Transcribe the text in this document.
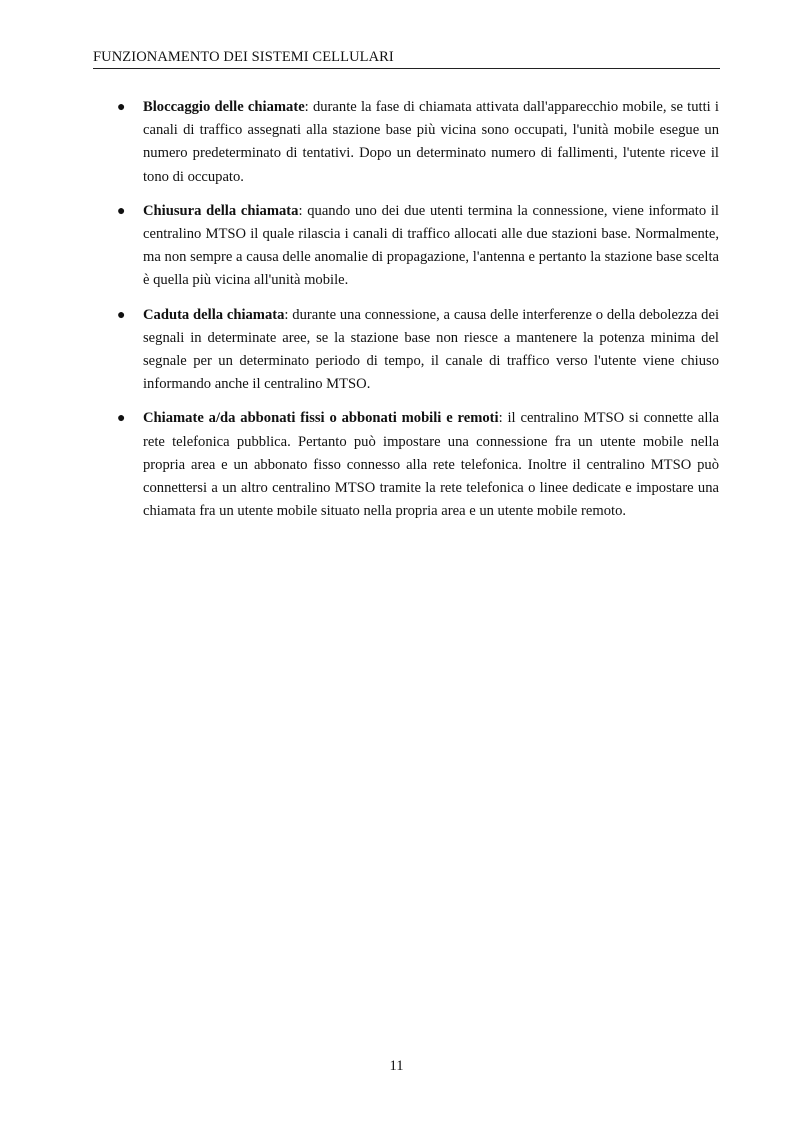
FUNZIONAMENTO DEI SISTEMI CELLULARI
● Bloccaggio delle chiamate: durante la fase di chiamata attivata dall'apparecchio mobile, se tutti i canali di traffico assegnati alla stazione base più vicina sono occupati, l'unità mobile esegue un numero predeterminato di tentativi. Dopo un determinato numero di fallimenti, l'utente riceve il tono di occupato.
● Chiusura della chiamata: quando uno dei due utenti termina la connessione, viene informato il centralino MTSO il quale rilascia i canali di traffico allocati alle due stazioni base. Normalmente, ma non sempre a causa delle anomalie di propagazione, l'antenna e pertanto la stazione base scelta è quella più vicina all'unità mobile.
● Caduta della chiamata: durante una connessione, a causa delle interferenze o della debolezza dei segnali in determinate aree, se la stazione base non riesce a mantenere la potenza minima del segnale per un determinato periodo di tempo, il canale di traffico verso l'utente viene chiuso informando anche il centralino MTSO.
● Chiamate a/da abbonati fissi o abbonati mobili e remoti: il centralino MTSO si connette alla rete telefonica pubblica. Pertanto può impostare una connessione fra un utente mobile nella propria area e un abbonato fisso connesso alla rete telefonica. Inoltre il centralino MTSO può connettersi a un altro centralino MTSO tramite la rete telefonica o linee dedicate e impostare una chiamata fra un utente mobile situato nella propria area e un utente mobile remoto.
11
